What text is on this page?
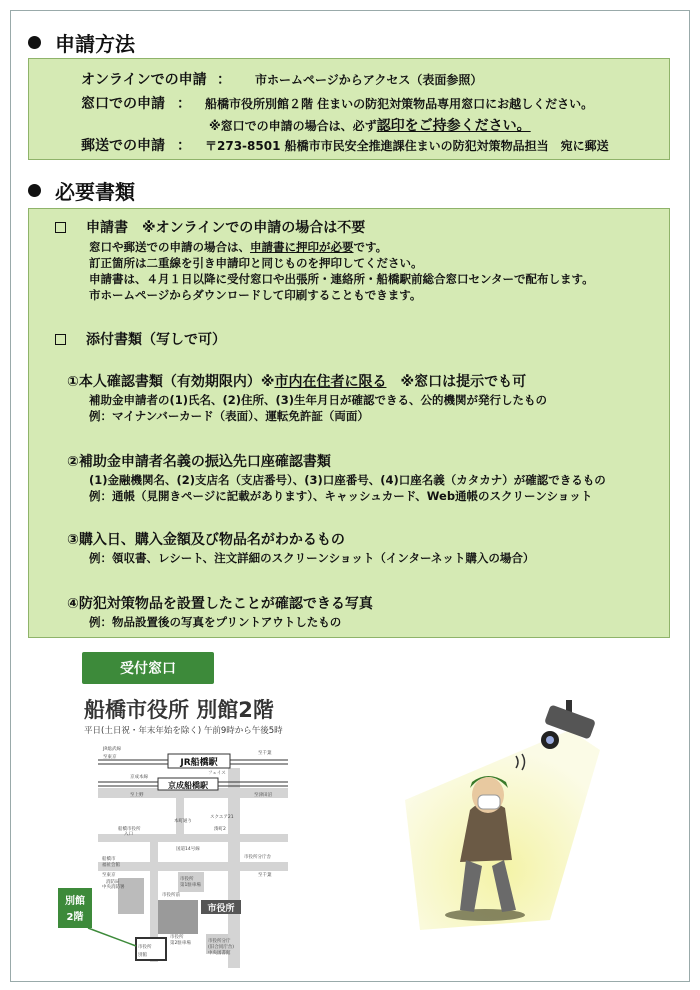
申請方法
オンラインでの申請 ： 市ホームページからアクセス（表面参照）
窓口での申請 ： 船橋市役所別館２階 住まいの防犯対策物品専用窓口にお越しください。
※窓口での申請の場合は、必ず認印をご持参ください。
郵送での申請 ： 〒273-8501 船橋市市民安全推進課住まいの防犯対策物品担当　宛に郵送
必要書類
申請書　※オンラインでの申請の場合は不要
窓口や郵送での申請の場合は、申請書に押印が必要です。
訂正箇所は二重線を引き申請印と同じものを押印してください。
申請書は、４月１日以降に受付窓口や出張所・連絡所・船橋駅前総合窓口センターで配布します。
市ホームページからダウンロードして印刷することもできます。
添付書類（写しで可）
①本人確認書類（有効期限内）※市内在住者に限る　※窓口は提示でも可
補助金申請者の(1)氏名、(2)住所、(3)生年月日が確認できる、公的機関が発行したもの
例：マイナンバーカード（表面）、運転免許証（両面）
②補助金申請者名義の振込先口座確認書類
(1)金融機関名、(2)支店名（支店番号）、(3)口座番号、(4)口座名義（カタカナ）が確認できるもの
例：通帳（見開きページに記載があります）、キャッシュカード、Web通帳のスクリーンショット
③購入日、購入金額及び物品名がわかるもの
例：領収書、レシート、注文詳細のスクリーンショット（インターネット購入の場合）
④防犯対策物品を設置したことが確認できる写真
例：物品設置後の写真をプリントアウトしたもの
受付窓口
船橋市役所 別館2階
平日(土日祝・年末年始を除く) 午前9時から午後5時
JR船橋駅
京成船橋駅
市役所
別館
2階
JR総武線
至千葉
至東京
京成本線
至上野	至津田沼
フェイス
本町通り
スクエア21
船橋市役所
入口
国道14号線
湊町2
至千葉
至東京
市役所分庁舎
船橋市
福祉会館
消防局
中央消防署
市役所
第1駐車場
市役所前
市役所
第2駐車場
市役所
別館
(旧合同庁舎)
市役所分庁
中央図書館
